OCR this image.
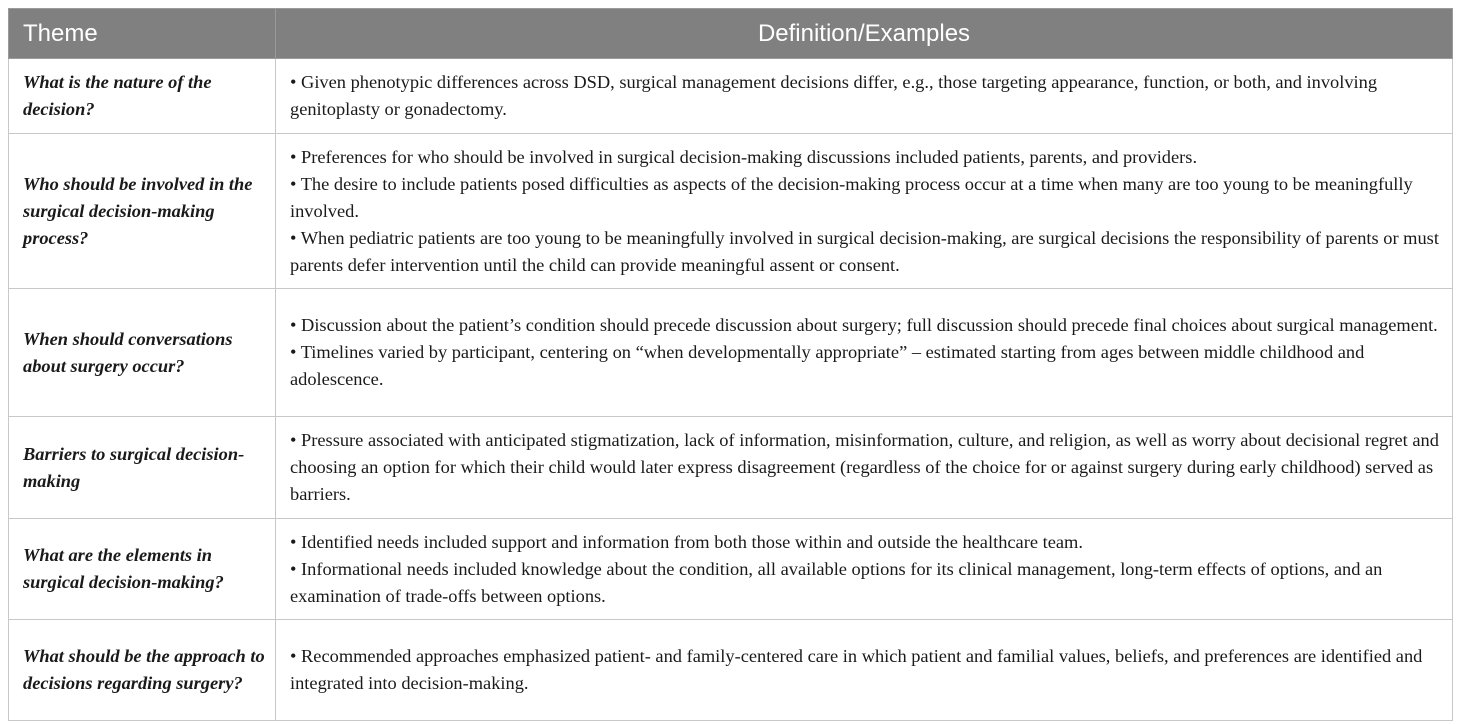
Theme	Definition/Examples
What is the nature of the decision?	• Given phenotypic differences across DSD, surgical management decisions differ, e.g., those targeting appearance, function, or both, and involving genitoplasty or gonadectomy.

Who should be involved in the surgical decision-making process?	• Preferences for who should be involved in surgical decision-making discussions included patients, parents, and providers.
• The desire to include patients posed difficulties as aspects of the decision-making process occur at a time when many are too young to be meaningfully involved.
• When pediatric patients are too young to be meaningfully involved in surgical decision-making, are surgical decisions the responsibility of parents or must parents defer intervention until the child can provide meaningful assent or consent.

When should conversations about surgery occur?	• Discussion about the patient’s condition should precede discussion about surgery; full discussion should precede final choices about surgical management.
• Timelines varied by participant, centering on “when developmentally appropriate” – estimated starting from ages between middle childhood and adolescence.

Barriers to surgical decision-making	• Pressure associated with anticipated stigmatization, lack of information, misinformation, culture, and religion, as well as worry about decisional regret and choosing an option for which their child would later express disagreement (regardless of the choice for or against surgery during early childhood) served as barriers.

What are the elements in surgical decision-making?	• Identified needs included support and information from both those within and outside the healthcare team.
• Informational needs included knowledge about the condition, all available options for its clinical management, long-term effects of options, and an examination of trade-offs between options.

What should be the approach to decisions regarding surgery?	• Recommended approaches emphasized patient- and family-centered care in which patient and familial values, beliefs, and preferences are identified and integrated into decision-making.
